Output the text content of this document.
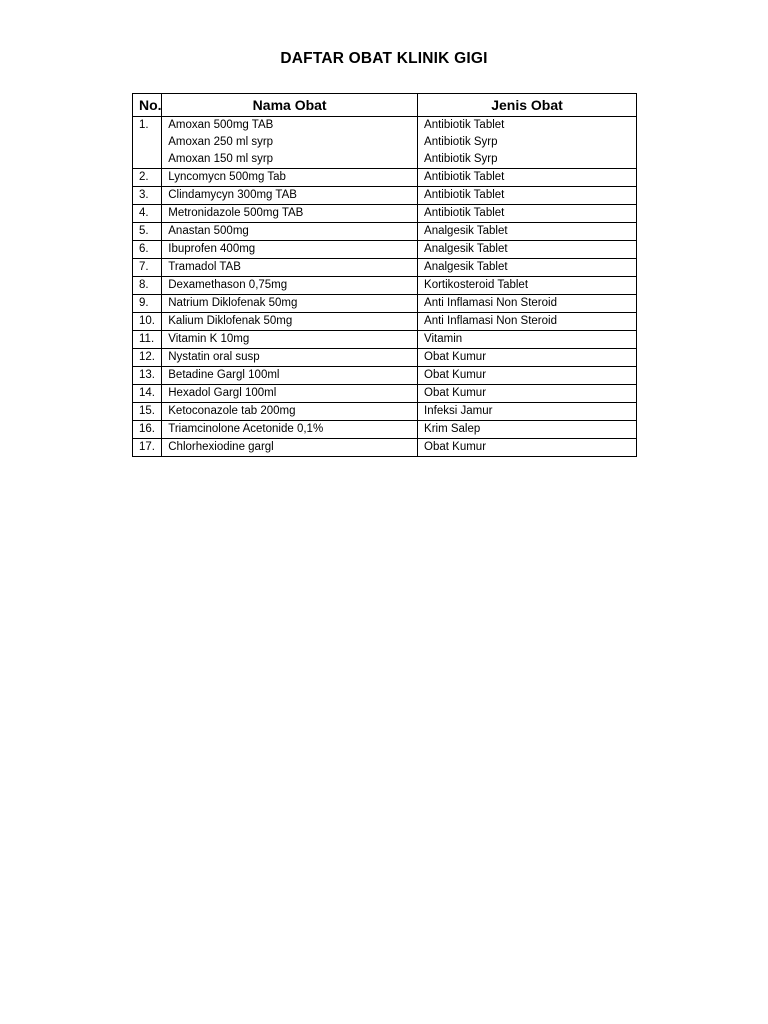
DAFTAR OBAT KLINIK GIGI
No.	Nama Obat	Jenis Obat
1.	Amoxan 500mg TAB
Amoxan 250 ml syrp
Amoxan 150 ml syrp	Antibiotik Tablet
Antibiotik Syrp
Antibiotik Syrp

2.	Lyncomycn 500mg Tab	Antibiotik Tablet

3.	Clindamycyn 300mg TAB	Antibiotik Tablet

4.	Metronidazole 500mg TAB	Antibiotik Tablet

5.	Anastan 500mg	Analgesik Tablet

6.	Ibuprofen 400mg	Analgesik Tablet

7.	Tramadol TAB	Analgesik Tablet

8.	Dexamethason 0,75mg	Kortikosteroid Tablet

9.	Natrium Diklofenak 50mg	Anti Inflamasi Non Steroid

10.	Kalium Diklofenak 50mg	Anti Inflamasi Non Steroid

11.	Vitamin K 10mg	Vitamin

12.	Nystatin oral susp	Obat Kumur

13.	Betadine Gargl 100ml	Obat Kumur

14.	Hexadol Gargl 100ml	Obat Kumur

15.	Ketoconazole tab 200mg	Infeksi Jamur

16.	Triamcinolone Acetonide 0,1%	Krim Salep

17.	Chlorhexiodine gargl	Obat Kumur
